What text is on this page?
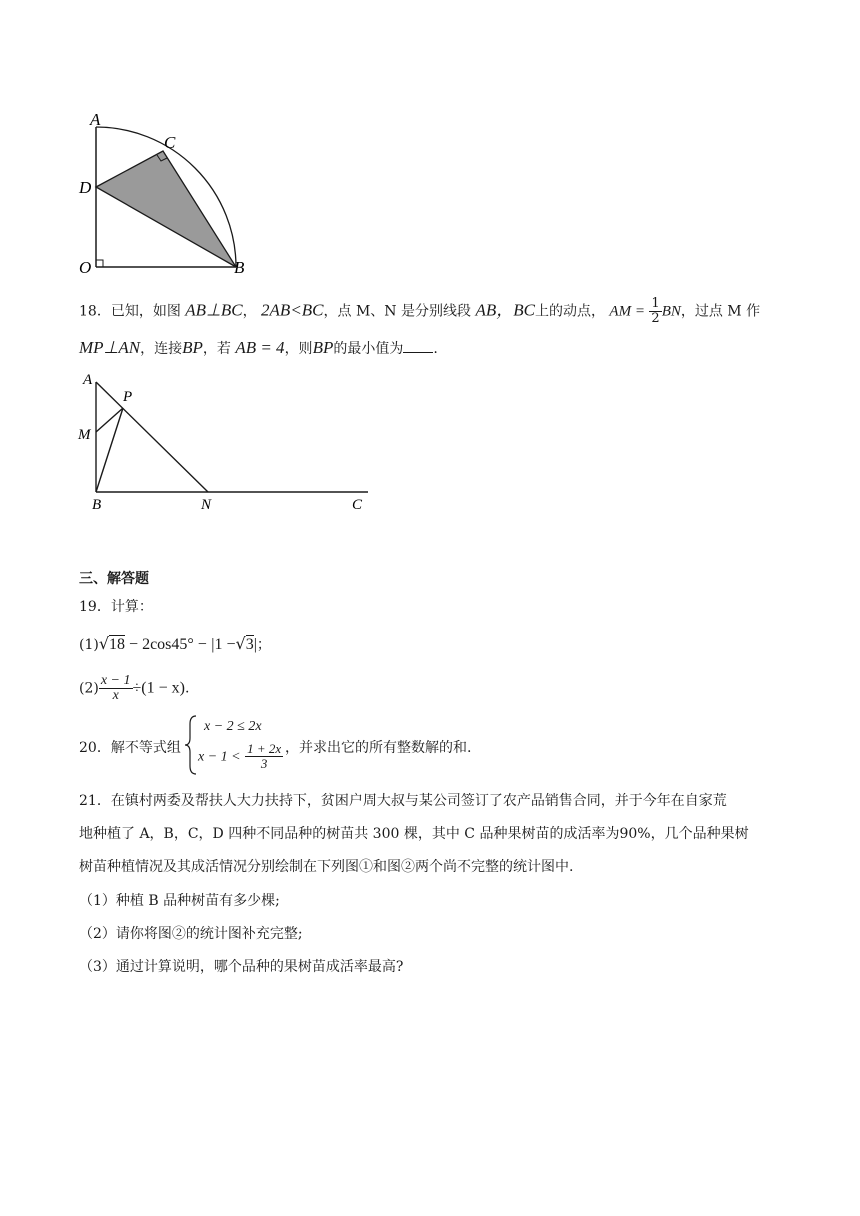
A
C
D
O	B
18．已知，如图 AB⊥BC， 2AB<BC，点 M、N 是分别线段 AB，BC上的动点， AM = $\frac{1}{2}$ BN，过点 M 作
MP⊥AN，连接BP，若 AB = 4，则BP的最小值为 .
A
P
M
B	N	C
三、解答题
19．计算：
(1)√18 − 2cos45° − |1 −√3|；
$(2) \frac{x - 1}{x} \div(1 - x)$.
20．解不等式组
x − 2 ≤ 2x
$x - 1 < \frac{1 + 2x}{3}$ ，并求出它的所有整数解的和.
21．在镇村两委及帮扶人大力扶持下，贫困户周大叔与某公司签订了农产品销售合同，并于今年在自家荒
地种植了 A，B，C，D 四种不同品种的树苗共 300 棵，其中 C 品种果树苗的成活率为90%，几个品种果树
树苗种植情况及其成活情况分别绘制在下列图①和图②两个尚不完整的统计图中.
（1）种植 B 品种树苗有多少棵;
（2）请你将图②的统计图补充完整;
（3）通过计算说明，哪个品种的果树苗成活率最高?
